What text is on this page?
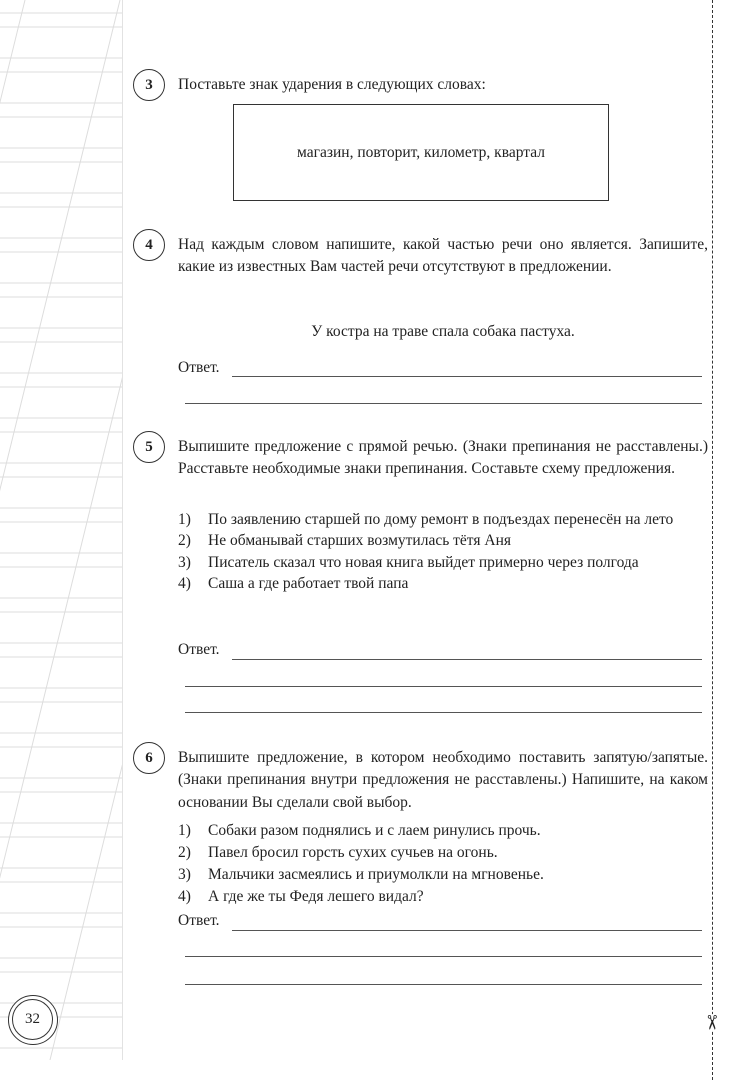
✂
3	Поставьте знак ударения в следующих словах:
магазин, повторит, километр, квартал
4	Над каждым словом напишите, какой частью речи оно является. Запишите, какие из известных Вам частей речи отсутствуют в предложении.
У костра на траве спала собака пастуха.
Ответ.
5	Выпишите предложение с прямой речью. (Знаки препинания не расставлены.) Расставьте необходимые знаки препинания. Составьте схему предложения.
1)	По заявлению старшей по дому ремонт в подъездах перенесён на лето
2)	Не обманывай старших возмутилась тётя Аня
3)	Писатель сказал что новая книга выйдет примерно через полгода
4)	Саша а где работает твой папа
Ответ.
6	Выпишите предложение, в котором необходимо поставить запятую/запятые. (Знаки препинания внутри предложения не расставлены.) Напишите, на каком основании Вы сделали свой выбор.
1)	Собаки разом поднялись и с лаем ринулись прочь.
2)	Павел бросил горсть сухих сучьев на огонь.
3)	Мальчики засмеялись и приумолкли на мгновенье.
4)	А где же ты Федя лешего видал?
Ответ.
32
